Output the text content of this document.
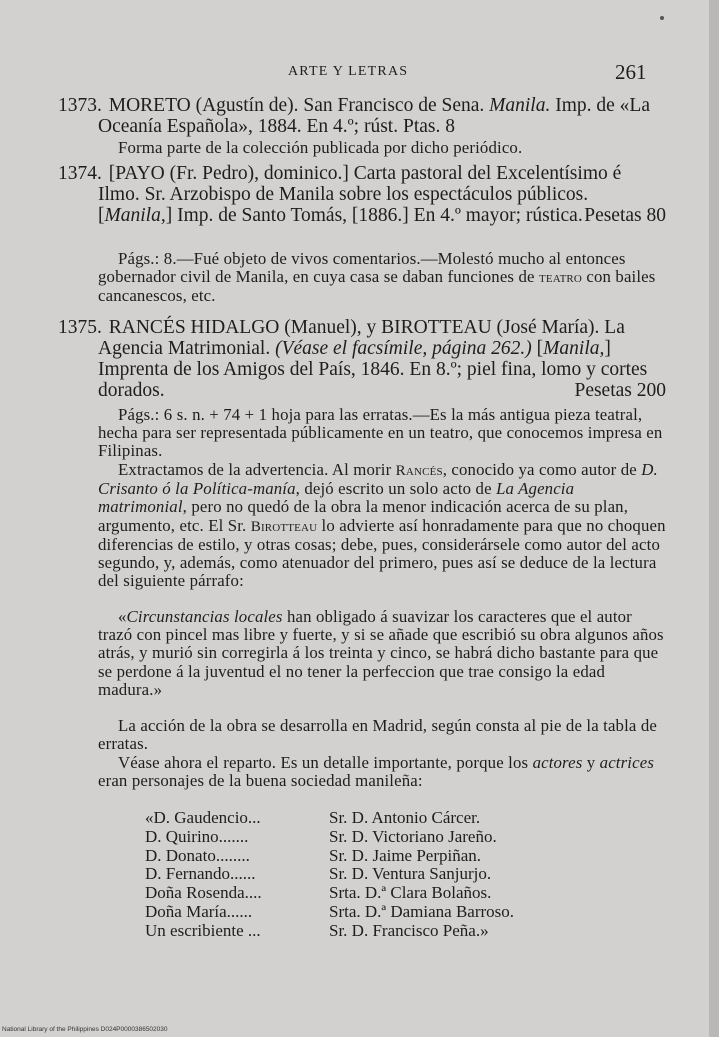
ARTE Y LETRAS	261
1373. MORETO (Agustín de). San Francisco de Sena. Manila. Imp. de «La Oceanía Española», 1884. En 4.º; rúst. Ptas. 8
Forma parte de la colección publicada por dicho periódico.
1374. [PAYO (Fr. Pedro), dominico.] Carta pastoral del Excelentísimo é Ilmo. Sr. Arzobispo de Manila sobre los espectáculos públicos. [Manila,] Imp. de Santo Tomás, [1886.] En 4.º mayor; rústica. Pesetas 80
Págs.: 8.—Fué objeto de vivos comentarios.—Molestó mucho al entonces gobernador civil de Manila, en cuya casa se daban funciones de teatro con bailes cancanescos, etc.
1375. RANCÉS HIDALGO (Manuel), y BIROTTEAU (José María). La Agencia Matrimonial. (Véase el facsímile, página 262.) [Manila,] Imprenta de los Amigos del País, 1846. En 8.º; piel fina, lomo y cortes dorados.	Pesetas 200
Págs.: 6 s. n. + 74 + 1 hoja para las erratas.—Es la más antigua pieza teatral, hecha para ser representada públicamente en un teatro, que conocemos impresa en Filipinas.
Extractamos de la advertencia. Al morir Rancés, conocido ya como autor de D. Crisanto ó la Política-manía, dejó escrito un solo acto de La Agencia matrimonial, pero no quedó de la obra la menor indicación acerca de su plan, argumento, etc. El Sr. Birotteau lo advierte así honradamente para que no choquen diferencias de estilo, y otras cosas; debe, pues, considerársele como autor del acto segundo, y, además, como atenuador del primero, pues así se deduce de la lectura del siguiente párrafo:
«Circunstancias locales han obligado á suavizar los caracteres que el autor trazó con pincel mas libre y fuerte, y si se añade que escribió su obra algunos años atrás, y murió sin corregirla á los treinta y cinco, se habrá dicho bastante para que se perdone á la juventud el no tener la perfeccion que trae consigo la edad madura.»
La acción de la obra se desarrolla en Madrid, según consta al pie de la tabla de erratas.
Véase ahora el reparto. Es un detalle importante, porque los actores y actrices eran personajes de la buena sociedad manileña:
«D. Gaudencio...	Sr. D. Antonio Cárcer.
D. Quirino.......	Sr. D. Victoriano Jareño.
D. Donato........	Sr. D. Jaime Perpiñan.
D. Fernando......	Sr. D. Ventura Sanjurjo.
Doña Rosenda....	Srta. D.ª Clara Bolaños.
Doña María......	Srta. D.ª Damiana Barroso.
Un escribiente ...	Sr. D. Francisco Peña.»
National Library of the Philippines D024P0000386502030
